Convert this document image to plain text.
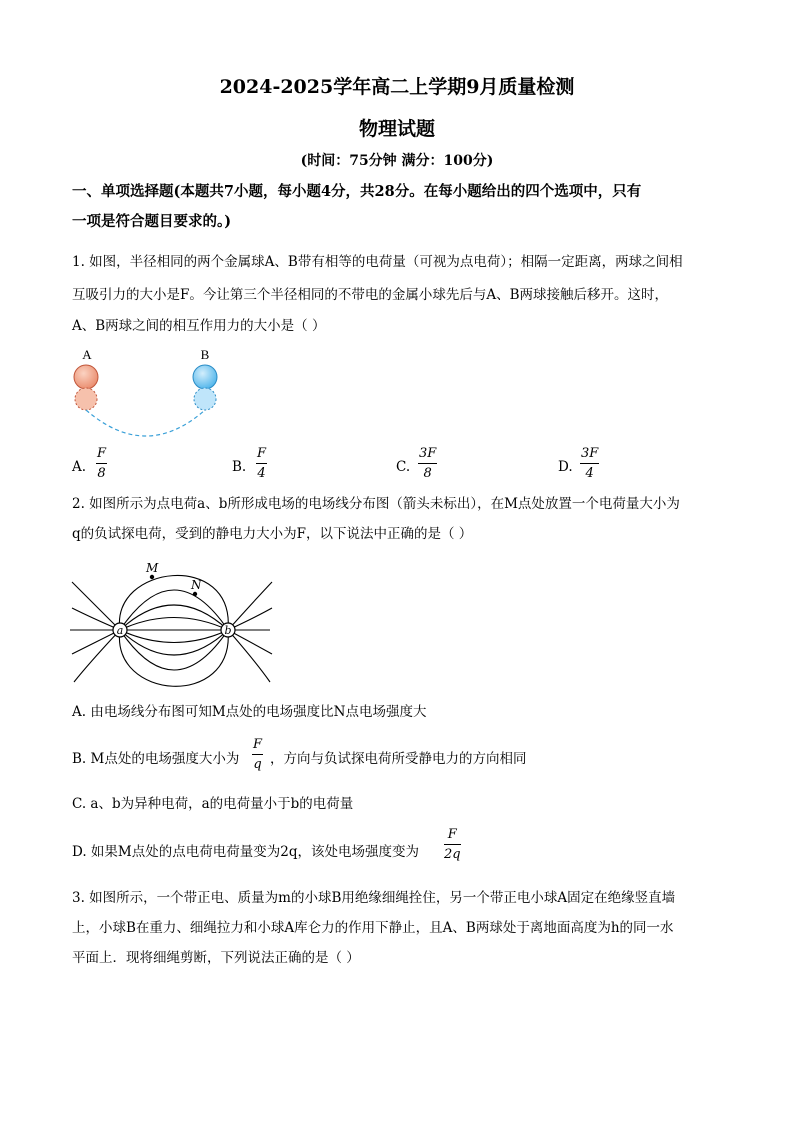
2024-2025学年高二上学期9月质量检测
物理试题
(时间：75分钟 满分：100分)
一、单项选择题(本题共7小题，每小题4分，共28分。在每小题给出的四个选项中，只有
一项是符合题目要求的。)
1. 如图，半径相同的两个金属球A、B带有相等的电荷量（可视为点电荷）；相隔一定距离，两球之间相
互吸引力的大小是F。今让第三个半径相同的不带电的金属小球先后与A、B两球接触后移开。这时，
A、B两球之间的相互作用力的大小是（ ）
A	B
A. $\frac{F}{8}$	B. $\frac{F}{4}$	C. $\frac{3F}{8}$	D. $\frac{3F}{4}$
2. 如图所示为点电荷a、b所形成电场的电场线分布图（箭头未标出），在M点处放置一个电荷量大小为
q的负试探电荷，受到的静电力大小为F，以下说法中正确的是（ ）
a	b
M
N
A. 由电场线分布图可知M点处的电场强度比N点电场强度大
B. M点处的电场强度大小为 $\frac{F}{q}$ ，方向与负试探电荷所受静电力的方向相同
C. a、b为异种电荷，a的电荷量小于b的电荷量
D. 如果M点处的点电荷电荷量变为2q，该处电场强度变为 $\frac{F}{2q}$
3. 如图所示，一个带正电、质量为m的小球B用绝缘细绳拴住，另一个带正电小球A固定在绝缘竖直墙
上，小球B在重力、细绳拉力和小球A库仑力的作用下静止，且A、B两球处于离地面高度为h的同一水
平面上．现将细绳剪断，下列说法正确的是（ ）
